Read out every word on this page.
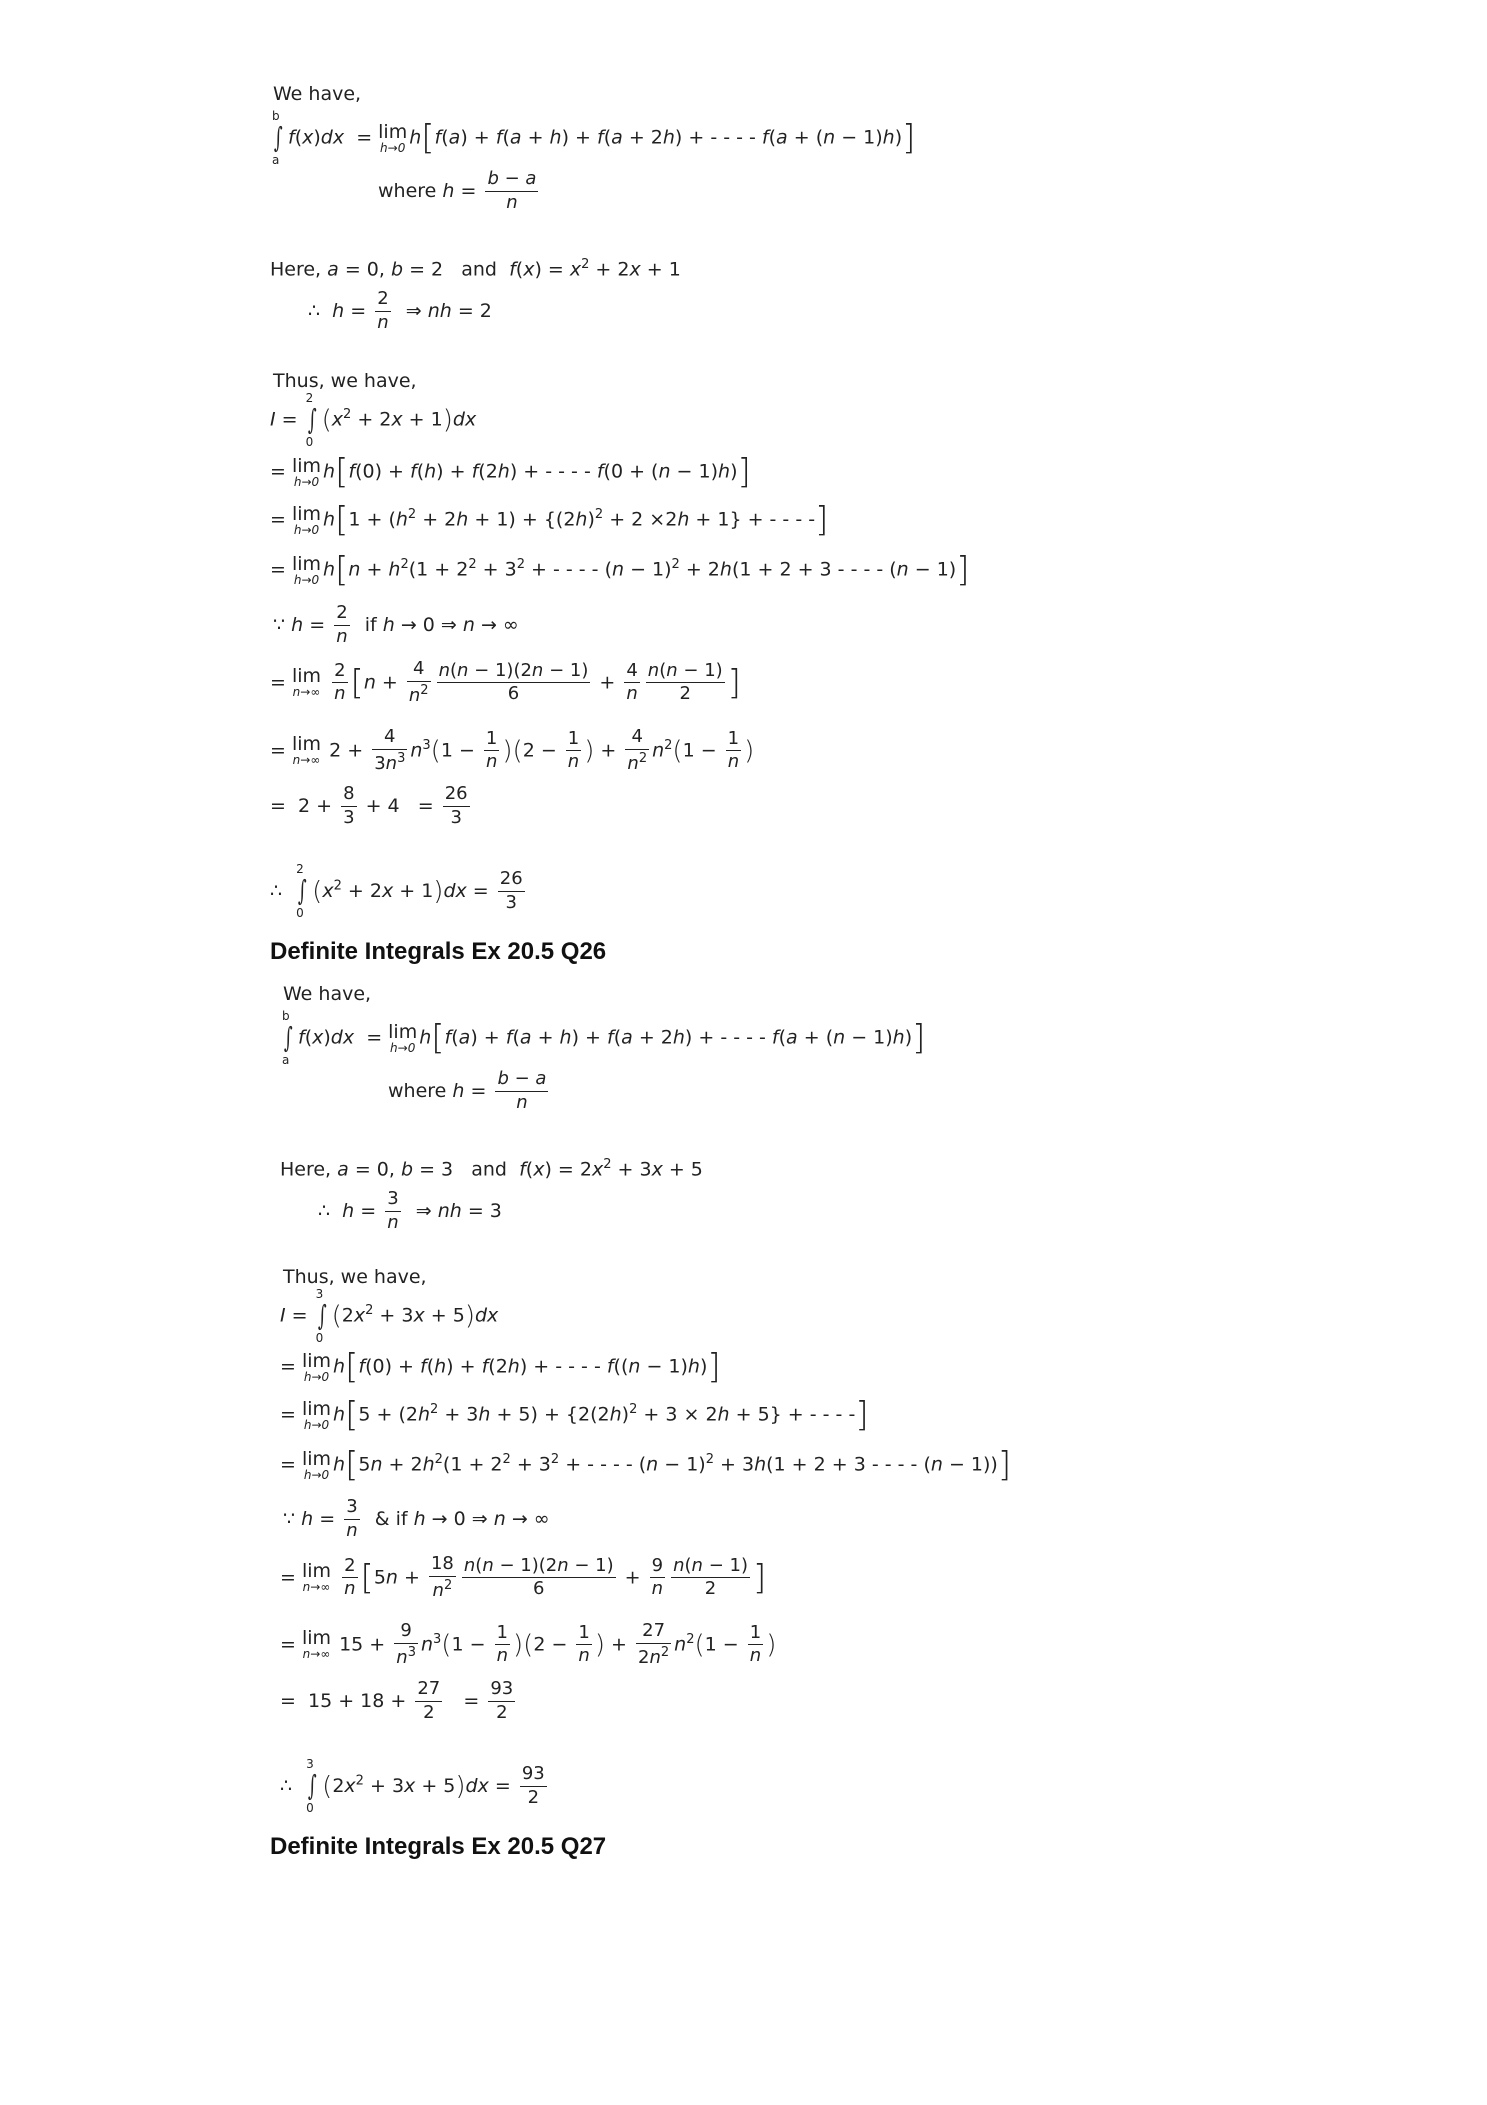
We have,
b
∫
a
f(x)dx  = lim
h→0 h[f(a) + f(a + h) + f(a + 2h) + - - - - f(a + (n − 1)h)]
where $h = \frac{b - a}{n}$
Here, a = 0, b = 2   and  $f(x) = x^2 + 2x + 1$
∴  $h = \frac{2}{n}$ ⇒ nh = 2
Thus, we have,
I =
2
∫
0
$(x^2 + 2x + 1)dx$
= lim
h→0 h[f(0) + f(h) + f(2h) + - - - - f(0 + (n − 1)h)]
= lim
h→0 $h[1 + (h^2 + 2h + 1) + \{(2h)^2 + 2 \times 2h + 1\}$ + - - - -]
= lim
h→0 $h[n + h^2(1 + 2^2 + 3^2$ + - - - - $(n - 1)^2 + 2h(1 + 2 + 3$ - - - - (n − 1)]
∵ $h = \frac{2}{n}$ if h → 0 ⇒ n → ∞
= lim
n→∞
$\frac{2}{n} [n + \frac{4}{n^2} \frac{n(n - 1)(2n - 1)}{6} + \frac{4}{n} \frac{n(n - 1)}{2}$ ]
= lim
n→∞ $2 + \frac{4}{3n^3} n^3(1 - \frac{1}{n} )(2 - \frac{1}{n}$ ) + $\frac{4}{n^2} n^2(1 - \frac{1}{n}$ )
=  $2 + \frac{8}{3} + 4 = \frac{26}{3}$
∴
2
∫
0
$(x^2 + 2x + 1)dx = \frac{26}{3}$
Definite Integrals Ex 20.5 Q26
We have,
b
∫
a
f(x)dx  = lim
h→0 h[f(a) + f(a + h) + f(a + 2h) + - - - - f(a + (n − 1)h)]
where $h = \frac{b - a}{n}$
Here, a = 0, b = 3   and  $f(x) = 2x^2 + 3x + 5$
∴  $h = \frac{3}{n}$ ⇒ nh = 3
Thus, we have,
I =
3
∫
0
$(2x^2 + 3x + 5)dx$
= lim
h→0 h[f(0) + f(h) + f(2h) + - - - - f((n − 1)h)]
= lim
h→0 $h[5 + (2h^2 + 3h + 5) + \{2(2h)^2 + 3 \times 2h + 5\}$ + - - - -]
= lim
h→0 $h[5n + 2h^2(1 + 2^2 + 3^2$ + - - - - $(n - 1)^2 + 3h(1 + 2 + 3$ - - - - (n − 1))]
∵ $h = \frac{3}{n}$ & if h → 0 ⇒ n → ∞
= lim
n→∞
$\frac{2}{n} [5n + \frac{18}{n^2} \frac{n(n - 1)(2n - 1)}{6} + \frac{9}{n} \frac{n(n - 1)}{2}$ ]
= lim
n→∞ $15 + \frac{9}{n^3} n^3(1 - \frac{1}{n} )(2 - \frac{1}{n}$ ) + $\frac{27}{2n^2} n^2(1 - \frac{1}{n}$ )
=  $15 + 18 + \frac{27}{2} = \frac{93}{2}$
∴
3
∫
0
$(2x^2 + 3x + 5)dx = \frac{93}{2}$
Definite Integrals Ex 20.5 Q27
